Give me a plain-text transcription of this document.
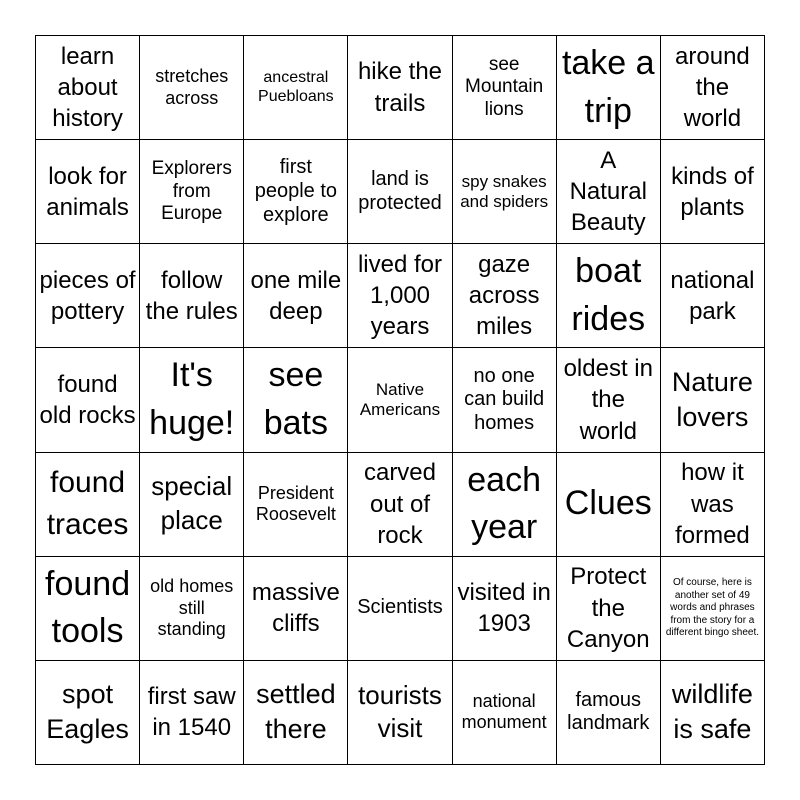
learn about history
stretches across
ancestral Puebloans
hike the trails
see Mountain lions
take a trip
around the world
look for animals
Explorers from Europe
first people to explore
land is protected
spy snakes and spiders
A Natural Beauty
kinds of plants
pieces of pottery
follow the rules
one mile deep
lived for 1,000 years
gaze across miles
boat rides
national park
found old rocks
It's huge!
see bats
Native Americans
no one can build homes
oldest in the world
Nature lovers
found traces
special place
President Roosevelt
carved out of rock
each year
Clues
how it was formed
found tools
old homes still standing
massive cliffs
Scientists
visited in 1903
Protect the Canyon
Of course, here is another set of 49 words and phrases from the story for a different bingo sheet.
spot Eagles
first saw in 1540
settled there
tourists visit
national monument
famous landmark
wildlife is safe
